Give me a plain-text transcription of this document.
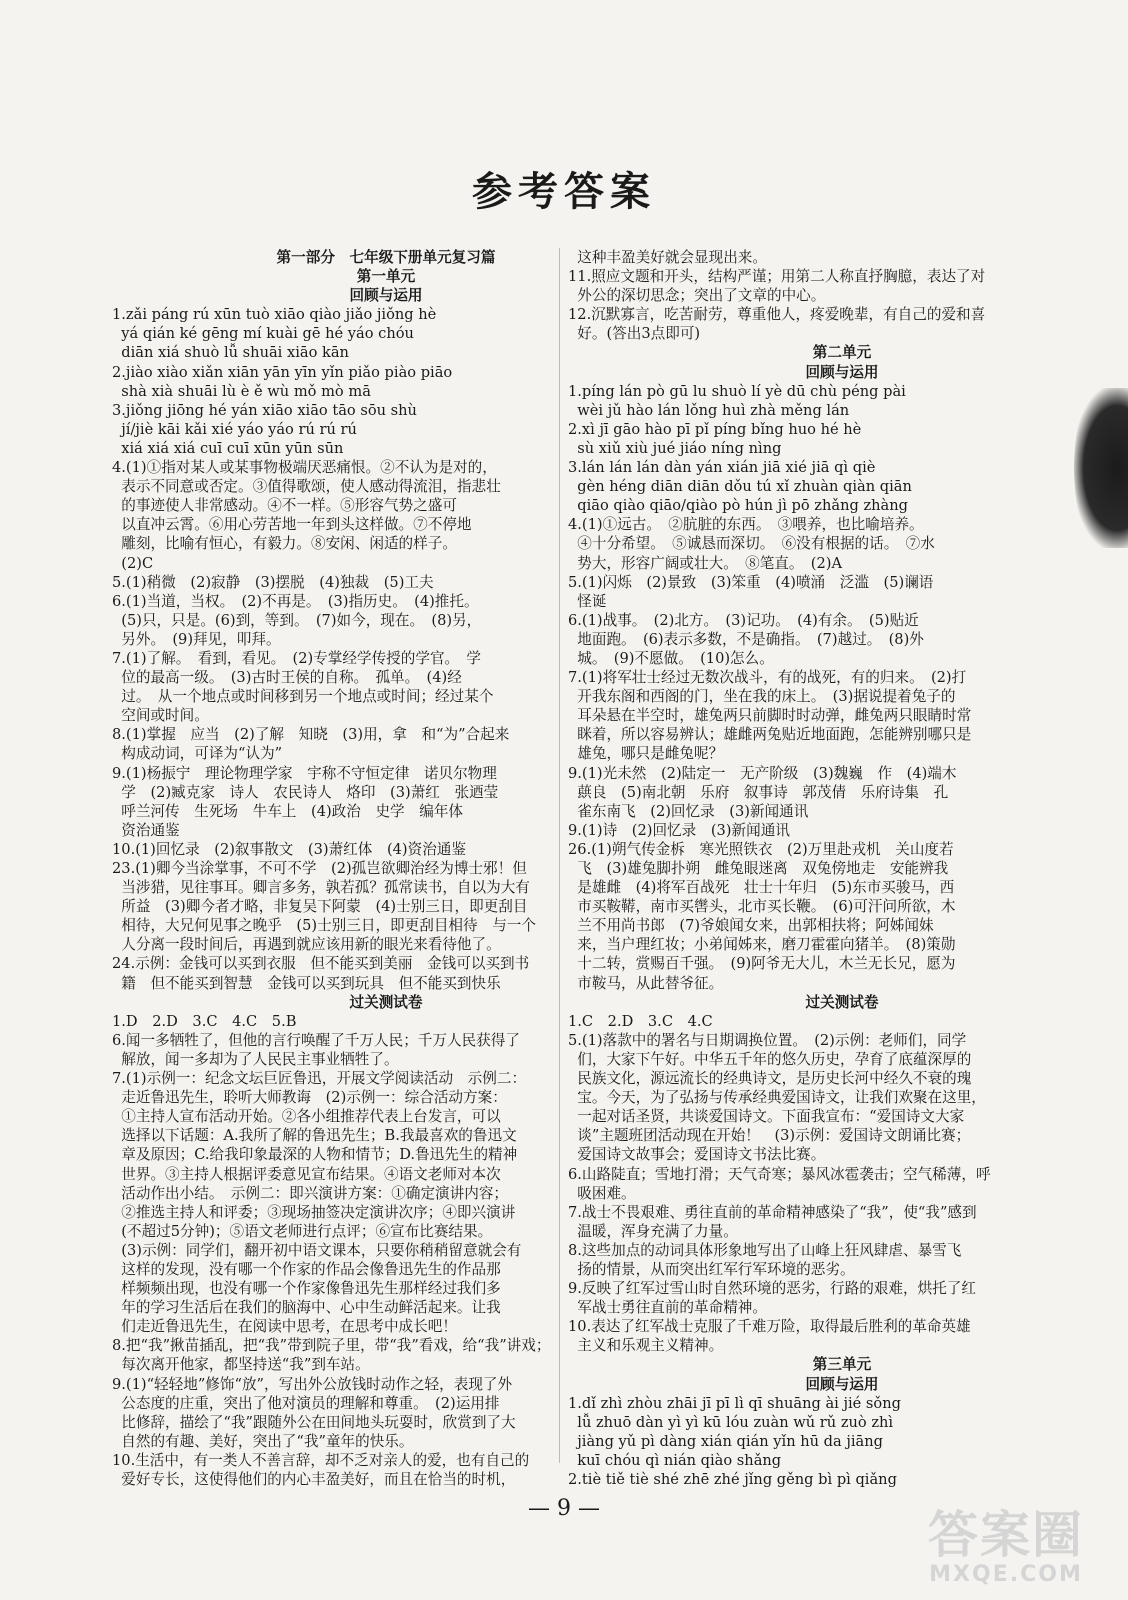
参考答案
第一部分　七年级下册单元复习篇
第一单元
回顾与运用
1.zǎi páng rú xūn tuò xiāo qiào jiǎo jiǒng hè
yá qián ké gēng mí kuài gē hé yáo chóu
diān xiá shuò lǚ shuāi xiāo kān
2.jiào xiào xiǎn xiān yān yīn yǐn piǎo piào piāo
shà xià shuāi lù è ě wù mǒ mò mā
3.jiǒng jiōng hé yán xiāo xiāo tāo sōu shù
jí/jiè kāi kǎi xié yáo yáo rú rú rú
xiá xiá xiá cuī cuī xūn yūn sūn
4.(1)①指对某人或某事物极端厌恶痛恨。②不认为是对的，
表示不同意或否定。③值得歌颂，使人感动得流泪，指悲壮
的事迹使人非常感动。④不一样。⑤形容气势之盛可
以直冲云霄。⑥用心劳苦地一年到头这样做。⑦不停地
雕刻，比喻有恒心，有毅力。⑧安闲、闲适的样子。
(2)C
5.(1)稍微　(2)寂静　(3)摆脱　(4)独裁　(5)工夫
6.(1)当道，当权。　(2)不再是。　(3)指历史。　(4)推托。
(5)只，只是。(6)到，等到。　(7)如今，现在。　(8)另，
另外。　(9)拜见，叩拜。
7.(1)了解。　看到，看见。　(2)专掌经学传授的学官。　学
位的最高一级。　(3)古时王侯的自称。　孤单。　(4)经
过。　从一个地点或时间移到另一个地点或时间；经过某个
空间或时间。
8.(1)掌握　应当　(2)了解　知晓　(3)用，拿　和“为”合起来
构成动词，可译为“认为”
9.(1)杨振宁　理论物理学家　宇称不守恒定律　诺贝尔物理
学　(2)臧克家　诗人　农民诗人　烙印　(3)萧红　张迺莹
呼兰河传　生死场　牛车上　(4)政治　史学　编年体
资治通鉴
10.(1)回忆录　(2)叙事散文　(3)萧红体　(4)资治通鉴
23.(1)卿今当涂掌事，不可不学　(2)孤岂欲卿治经为博士邪！但
当涉猎，见往事耳。卿言多务，孰若孤？孤常读书，自以为大有
所益　(3)卿今者才略，非复吴下阿蒙　(4)士别三日，即更刮目
相待，大兄何见事之晚乎　(5)士别三日，即更刮目相待　与一个
人分离一段时间后，再遇到就应该用新的眼光来看待他了。
24.示例：金钱可以买到衣服　但不能买到美丽　金钱可以买到书
籍　但不能买到智慧　金钱可以买到玩具　但不能买到快乐
过关测试卷
1.D　2.D　3.C　4.C　5.B
6.闻一多牺牲了，但他的言行唤醒了千万人民；千万人民获得了
解放，闻一多却为了人民民主事业牺牲了。
7.(1)示例一：纪念文坛巨匠鲁迅，开展文学阅读活动　示例二：
走近鲁迅先生，聆听大师教诲　(2)示例一：综合活动方案：
①主持人宣布活动开始。②各小组推荐代表上台发言，可以
选择以下话题：A.我所了解的鲁迅先生；B.我最喜欢的鲁迅文
章及原因；C.给我印象最深的人物和情节；D.鲁迅先生的精神
世界。③主持人根据评委意见宣布结果。④语文老师对本次
活动作出小结。　示例二：即兴演讲方案：①确定演讲内容；
②推选主持人和评委；③现场抽签决定演讲次序；④即兴演讲
(不超过5分钟)；⑤语文老师进行点评；⑥宣布比赛结果。
(3)示例：同学们，翻开初中语文课本，只要你稍稍留意就会有
这样的发现，没有哪一个作家的作品会像鲁迅先生的作品那
样频频出现，也没有哪一个作家像鲁迅先生那样经过我们多
年的学习生活后在我们的脑海中、心中生动鲜活起来。让我
们走近鲁迅先生，在阅读中思考，在思考中成长吧！
8.把“我”揪苗插乱，把“我”带到院子里，带“我”看戏，给“我”讲戏；
每次离开他家，都坚持送“我”到车站。
9.(1)“轻轻地”修饰“放”，写出外公放钱时动作之轻，表现了外
公态度的庄重，突出了他对演员的理解和尊重。　(2)运用排
比修辞，描绘了“我”跟随外公在田间地头玩耍时，欣赏到了大
自然的有趣、美好，突出了“我”童年的快乐。
10.生活中，有一类人不善言辞，却不乏对亲人的爱，也有自己的
爱好专长，这使得他们的内心丰盈美好，而且在恰当的时机，
这种丰盈美好就会显现出来。
11.照应文题和开头，结构严谨；用第二人称直抒胸臆，表达了对
外公的深切思念；突出了文章的中心。
12.沉默寡言，吃苦耐劳，尊重他人，疼爱晚辈，有自己的爱和喜
好。(答出3点即可)
第二单元
回顾与运用
1.píng lán pò gū lu shuò lí yè dū chù péng pài
wèi jǔ hào lán lǒng huì zhà měng lán
2.xì jī gāo hào pī pǐ píng bǐng huo hé hè
sù xiǔ xiù jué jiáo níng nìng
3.lán lán lán dàn yán xián jiā xié jiā qì qiè
gèn héng diān diān dǒu tú xǐ zhuàn qiàn qiān
qiāo qiào qiāo/qiào pò hún jì pō zhǎng zhàng
4.(1)①远古。　②肮脏的东西。　③喂养，也比喻培养。
④十分希望。　⑤诚恳而深切。　⑥没有根据的话。　⑦水
势大，形容广阔或壮大。　⑧笔直。　(2)A
5.(1)闪烁　(2)景致　(3)笨重　(4)喷涌　泛滥　(5)谰语
怪诞
6.(1)战事。　(2)北方。　(3)记功。　(4)有余。　(5)贴近
地面跑。　(6)表示多数，不是确指。　(7)越过。　(8)外
城。　(9)不愿做。　(10)怎么。
7.(1)将军壮士经过无数次战斗，有的战死，有的归来。　(2)打
开我东阁和西阁的门，坐在我的床上。　(3)据说提着兔子的
耳朵悬在半空时，雄兔两只前脚时时动弹，雌兔两只眼睛时常
眯着，所以容易辨认；雄雌两兔贴近地面跑，怎能辨别哪只是
雄兔，哪只是雌兔呢？
9.(1)光未然　(2)陆定一　无产阶级　(3)魏巍　作　(4)端木
蕻良　(5)南北朝　乐府　叙事诗　郭茂倩　乐府诗集　孔
雀东南飞　(2)回忆录　(3)新闻通讯
9.(1)诗　(2)回忆录　(3)新闻通讯
26.(1)朔气传金柝　寒光照铁衣　(2)万里赴戎机　关山度若
飞　(3)雄兔脚扑朔　雌兔眼迷离　双兔傍地走　安能辨我
是雄雌　(4)将军百战死　壮士十年归　(5)东市买骏马，西
市买鞍鞯，南市买辔头，北市买长鞭。　(6)可汗问所欲，木
兰不用尚书郎　(7)爷娘闻女来，出郭相扶将；阿姊闻妹
来，当户理红妆；小弟闻姊来，磨刀霍霍向猪羊。　(8)策勋
十二转，赏赐百千强。　(9)阿爷无大儿，木兰无长兄，愿为
市鞍马，从此替爷征。
过关测试卷
1.C　2.D　3.C　4.C
5.(1)落款中的署名与日期调换位置。　(2)示例：老师们，同学
们，大家下午好。中华五千年的悠久历史，孕育了底蕴深厚的
民族文化，源远流长的经典诗文，是历史长河中经久不衰的瑰
宝。今天，为了弘扬与传承经典爱国诗文，让我们欢聚在这里，
一起对话圣贤，共谈爱国诗文。下面我宣布：“爱国诗文大家
谈”主题班团活动现在开始！　(3)示例：爱国诗文朗诵比赛；
爱国诗文故事会；爱国诗文书法比赛。
6.山路陡直；雪地打滑；天气奇寒；暴风冰雹袭击；空气稀薄，呼
吸困难。
7.战士不畏艰难、勇往直前的革命精神感染了“我”，使“我”感到
温暖，浑身充满了力量。
8.这些加点的动词具体形象地写出了山峰上狂风肆虐、暴雪飞
扬的情景，从而突出红军行军环境的恶劣。
9.反映了红军过雪山时自然环境的恶劣，行路的艰难，烘托了红
军战士勇往直前的革命精神。
10.表达了红军战士克服了千难万险，取得最后胜利的革命英雄
主义和乐观主义精神。
第三单元
回顾与运用
1.dǐ zhì zhòu zhāi jī pī lì qī shuāng ài jié sǒng
lǚ zhuō dàn yì yì kū lóu zuàn wǔ rǔ zuò zhì
jiàng yǔ pì dàng xián qián yǐn hū da jiāng
kuī chóu qì nián qiào shǎng
2.tiè tiě tiè shé zhē zhé jǐng gěng bì pì qiǎng
— 9 —	答案圈
MXQE.COM
